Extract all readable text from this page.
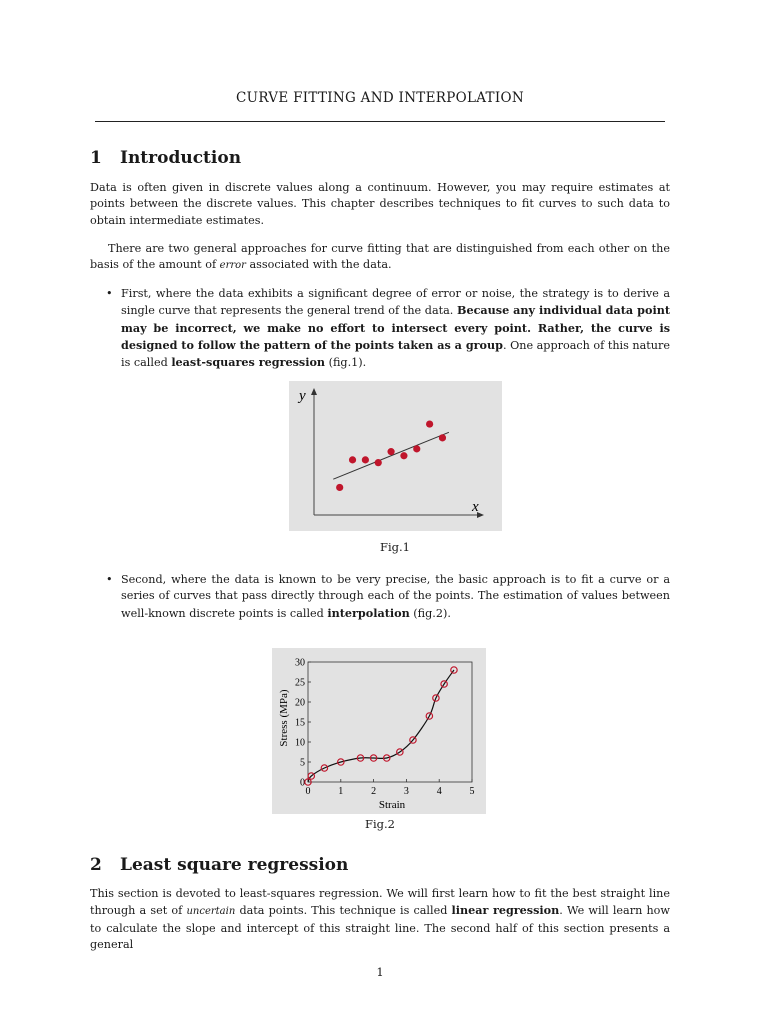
CURVE FITTING AND INTERPOLATION
1 Introduction

Data is often given in discrete values along a continuum. However, you may require estimates at points between the discrete values. This chapter describes techniques to fit curves to such data to obtain intermediate estimates.

There are two general approaches for curve fitting that are distinguished from each other on the basis of the amount of error associated with the data.

• First, where the data exhibits a significant degree of error or noise, the strategy is to derive a single curve that represents the general trend of the data. Because any individual data point may be incorrect, we make no effort to intersect every point. Rather, the curve is designed to follow the pattern of the points taken as a group. One approach of this nature is called least-squares regression (fig.1).
y
x
Fig.1
• Second, where the data is known to be very precise, the basic approach is to fit a curve or a series of curves that pass directly through each of the points. The estimation of values between well-known discrete points is called interpolation (fig.2).
0	1	2	3	4	5
0
5
10
15
20
25
30
Strain
Stress (MPa)
Fig.2
2 Least square regression

This section is devoted to least-squares regression. We will first learn how to fit the best straight line through a set of uncertain data points. This technique is called linear regression. We will learn how to calculate the slope and intercept of this straight line. The second half of this section presents a general

1
